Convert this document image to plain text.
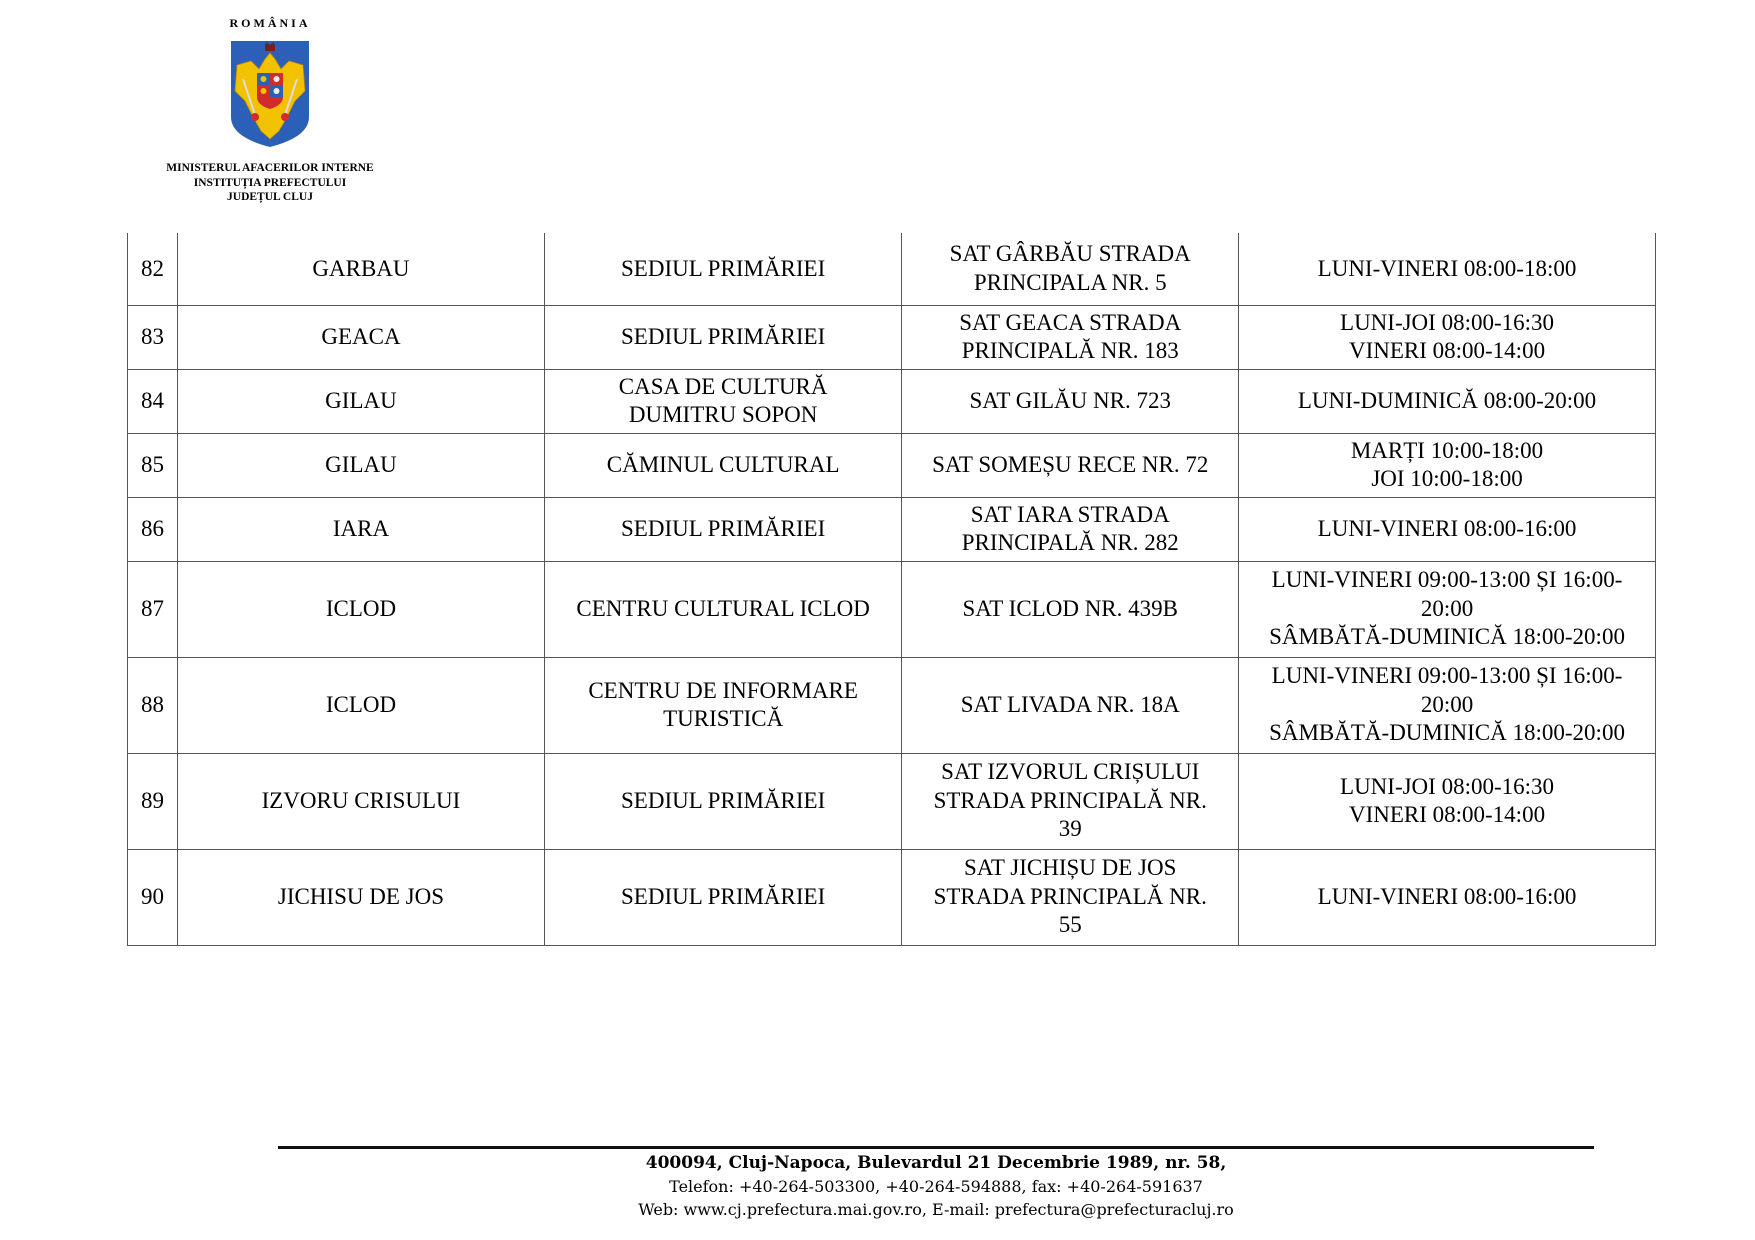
ROMÂNIA
MINISTERUL AFACERILOR INTERNE
INSTITUȚIA PREFECTULUI
JUDEȚUL CLUJ
82	GARBAU	SEDIUL PRIMĂRIEI	SAT GÂRBĂU STRADA
PRINCIPALA NR. 5	LUNI-VINERI 08:00-18:00

83	GEACA	SEDIUL PRIMĂRIEI	SAT GEACA STRADA
PRINCIPALĂ NR. 183	LUNI-JOI 08:00-16:30
VINERI 08:00-14:00

84	GILAU	CASA DE CULTURĂ
DUMITRU SOPON	SAT GILĂU NR. 723	LUNI-DUMINICĂ 08:00-20:00

85	GILAU	CĂMINUL CULTURAL	SAT SOMEȘU RECE NR. 72	MARȚI 10:00-18:00
JOI 10:00-18:00

86	IARA	SEDIUL PRIMĂRIEI	SAT IARA STRADA
PRINCIPALĂ NR. 282	LUNI-VINERI 08:00-16:00

87	ICLOD	CENTRU CULTURAL ICLOD	SAT ICLOD NR. 439B	LUNI-VINERI 09:00-13:00 ȘI 16:00-
20:00
SÂMBĂTĂ-DUMINICĂ 18:00-20:00

88	ICLOD	CENTRU DE INFORMARE
TURISTICĂ	SAT LIVADA NR. 18A	LUNI-VINERI 09:00-13:00 ȘI 16:00-
20:00
SÂMBĂTĂ-DUMINICĂ 18:00-20:00

89	IZVORU CRISULUI	SEDIUL PRIMĂRIEI	SAT IZVORUL CRIȘULUI
STRADA PRINCIPALĂ NR.
39	LUNI-JOI 08:00-16:30
VINERI 08:00-14:00

90	JICHISU DE JOS	SEDIUL PRIMĂRIEI	SAT JICHIȘU DE JOS
STRADA PRINCIPALĂ NR.
55	LUNI-VINERI 08:00-16:00
400094, Cluj-Napoca, Bulevardul 21 Decembrie 1989, nr. 58,
Telefon: +40-264-503300, +40-264-594888, fax: +40-264-591637
Web: www.cj.prefectura.mai.gov.ro, E-mail: prefectura@prefecturacluj.ro
